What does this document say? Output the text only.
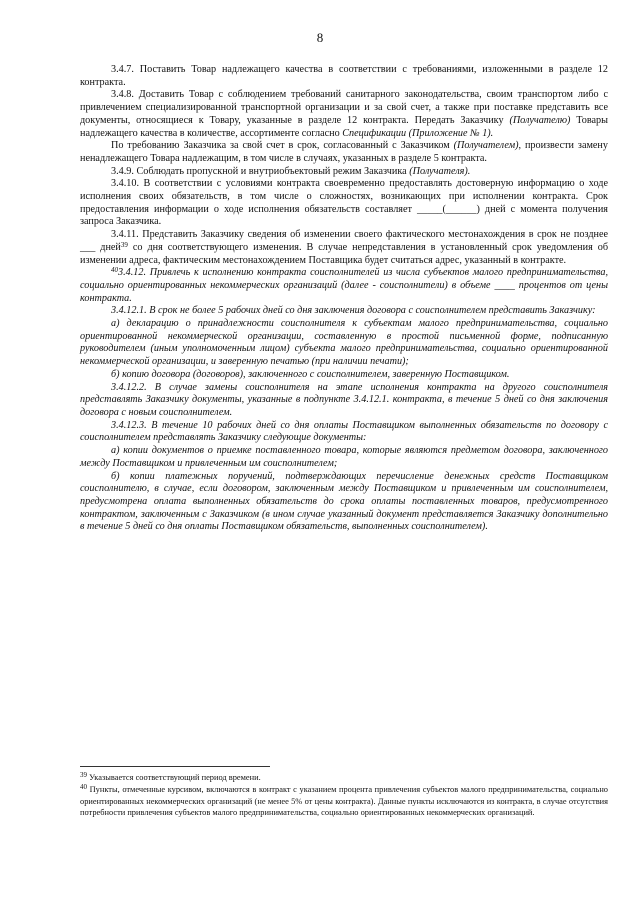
8

3.4.7. Поставить Товар надлежащего качества в соответствии с требованиями, изложенными в разделе 12 контракта.

3.4.8. Доставить Товар с соблюдением требований санитарного законодательства, своим транспортом либо с привлечением специализированной транспортной организации и за свой счет, а также при поставке представить все документы, относящиеся к Товару, указанные в разделе 12 контракта. Передать Заказчику (Получателю) Товары надлежащего качества в количестве, ассортименте согласно Спецификации (Приложение № 1).

По требованию Заказчика за свой счет в срок, согласованный с Заказчиком (Получателем), произвести замену ненадлежащего Товара надлежащим, в том числе в случаях, указанных в разделе 5 контракта.

3.4.9. Соблюдать пропускной и внутриобъектовый режим Заказчика (Получателя).

3.4.10. В соответствии с условиями контракта своевременно предоставлять достоверную информацию о ходе исполнения своих обязательств, в том числе о сложностях, возникающих при исполнении контракта. Срок предоставления информации о ходе исполнения обязательств составляет _____(______) дней с момента получения запроса Заказчика.

3.4.11. Представить Заказчику сведения об изменении своего фактического местонахождения в срок не позднее ___ дней$^{39}$ со дня соответствующего изменения. В случае непредставления в установленный срок уведомления об изменении адреса, фактическим местонахождением Поставщика будет считаться адрес, указанный в контракте.

$^{40}$3.4.12. Привлечь к исполнению контракта соисполнителей из числа субъектов малого предпринимательства, социально ориентированных некоммерческих организаций (далее - соисполнители) в объеме ____ процентов от цены контракта.

3.4.12.1. В срок не более 5 рабочих дней со дня заключения договора с соисполнителем представить Заказчику:

а) декларацию о принадлежности соисполнителя к субъектам малого предпринимательства, социально ориентированной некоммерческой организации, составленную в простой письменной форме, подписанную руководителем (иным уполномоченным лицом) субъекта малого предпринимательства, социально ориентированной некоммерческой организации, и заверенную печатью (при наличии печати);

б) копию договора (договоров), заключенного с соисполнителем, заверенную Поставщиком.

3.4.12.2. В случае замены соисполнителя на этапе исполнения контракта на другого соисполнителя представлять Заказчику документы, указанные в подпункте 3.4.12.1. контракта, в течение 5 дней со дня заключения договора с новым соисполнителем.

3.4.12.3. В течение 10 рабочих дней со дня оплаты Поставщиком выполненных обязательств по договору с соисполнителем представлять Заказчику следующие документы:

а) копии документов о приемке поставленного товара, которые являются предметом договора, заключенного между Поставщиком и привлеченным им соисполнителем;

б) копии платежных поручений, подтверждающих перечисление денежных средств Поставщиком соисполнителю, в случае, если договором, заключенным между Поставщиком и привлеченным им соисполнителем, предусмотрена оплата выполненных обязательств до срока оплаты поставленных товаров, предусмотренного контрактом, заключенным с Заказчиком (в ином случае указанный документ представляется Заказчику дополнительно в течение 5 дней со дня оплаты Поставщиком обязательств, выполненных соисполнителем).

$^{39}$ Указывается соответствующий период времени.

$^{40}$ Пункты, отмеченные курсивом, включаются в контракт с указанием процента привлечения субъектов малого предпринимательства, социально ориентированных некоммерческих организаций (не менее 5% от цены контракта). Данные пункты исключаются из контракта, в случае отсутствия потребности привлечения субъектов малого предпринимательства, социально ориентированных некоммерческих организаций.
